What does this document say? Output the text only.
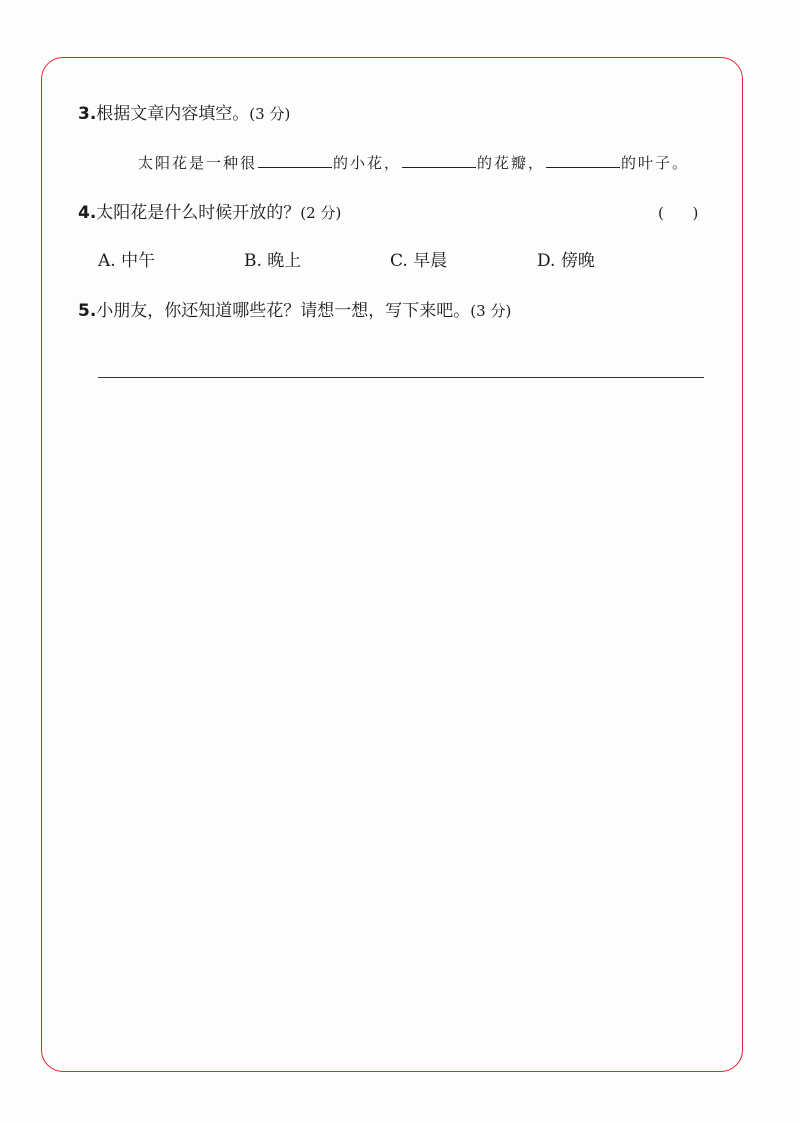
3.根据文章内容填空。(3 分)
太阳花是一种很	的小花，	的花瓣，	的叶子。
4.太阳花是什么时候开放的？(2 分)	(      )
A. 中午	B. 晚上	C. 早晨	D. 傍晚
5.小朋友，你还知道哪些花？请想一想，写下来吧。(3 分)
